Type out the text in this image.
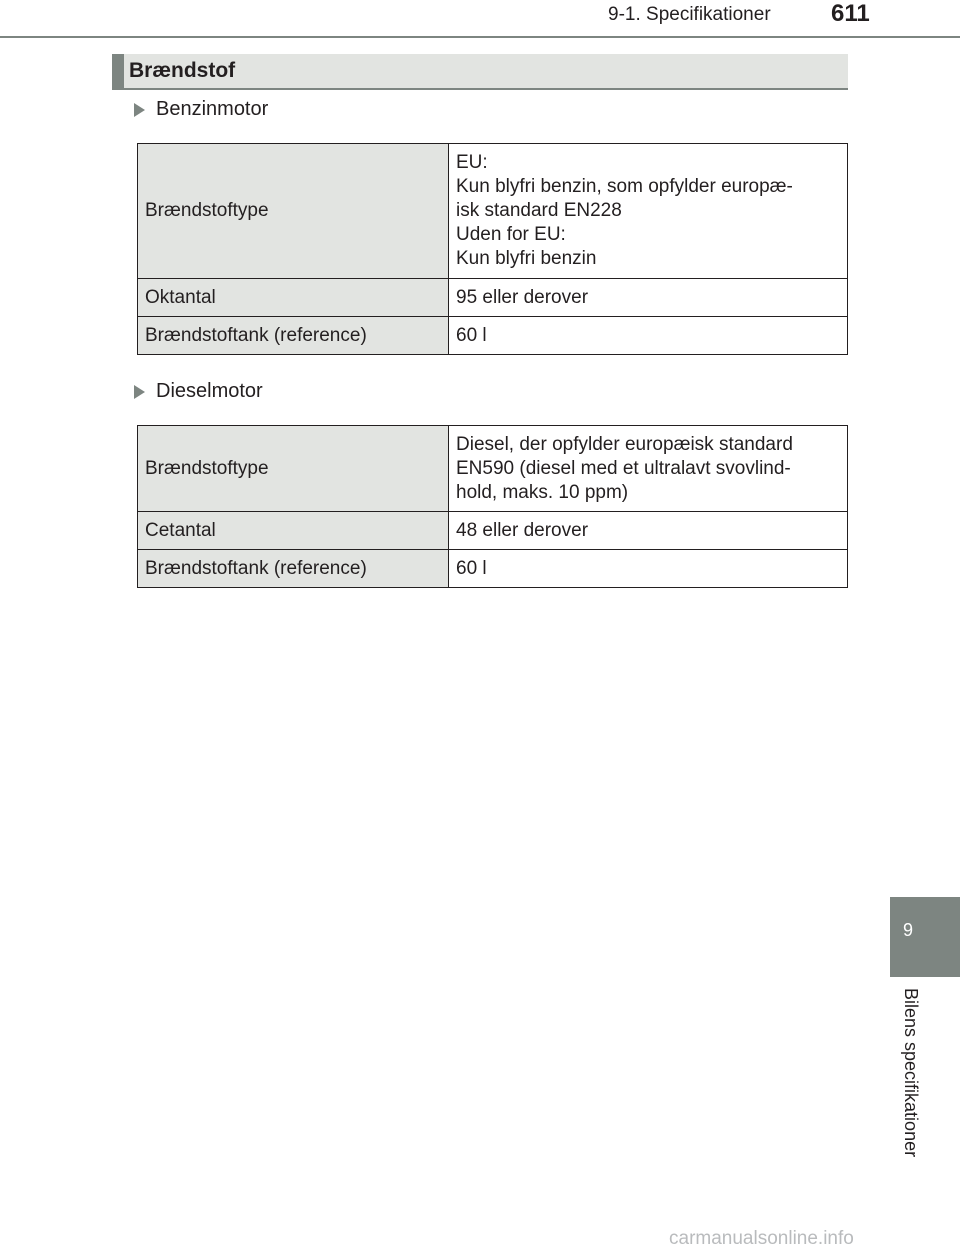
9-1. Specifikationer	611
Brændstof
Benzinmotor
Brændstoftype	EU:
Kun blyfri benzin, som opfylder europæ-
isk standard EN228
Uden for EU:
Kun blyfri benzin

Oktantal	95 eller derover

Brændstoftank (reference)	60 l
Dieselmotor
Brændstoftype	Diesel, der opfylder europæisk standard
EN590 (diesel med et ultralavt svovlind-
hold, maks. 10 ppm)

Cetantal	48 eller derover

Brændstoftank (reference)	60 l
9
Bilens specifikationer
carmanualsonline.info
